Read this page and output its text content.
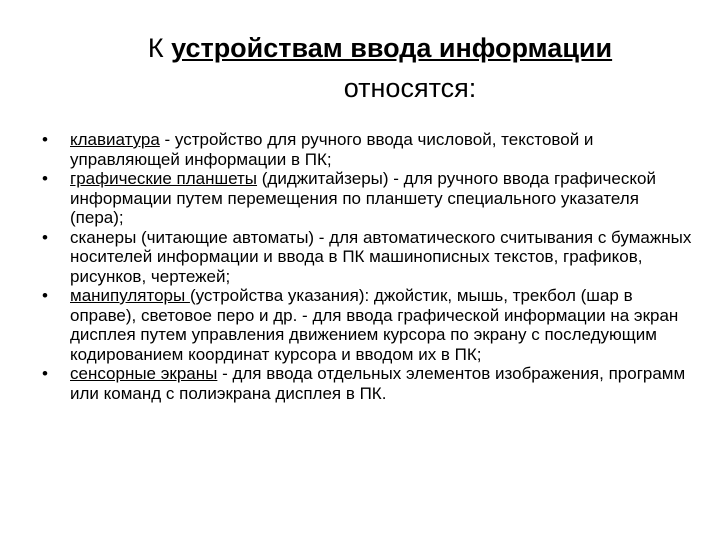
К устройствам ввода информации
относятся:
• клавиатура - устройство для ручного ввода числовой, текстовой и управляющей информации в ПК;
• графические планшеты (диджитайзеры) - для ручного ввода графической информации путем перемещения по планшету специального указателя (пера);
• сканеры (читающие автоматы) - для автоматического считывания с бумажных носителей информации и ввода в ПК машинописных текстов, графиков, рисунков, чертежей;
• манипуляторы (устройства указания): джойстик, мышь, трекбол (шар в оправе), световое перо и др. - для ввода графической информации на экран дисплея путем управления движением курсора по экрану с последующим кодированием координат курсора и вводом их в ПК;
• сенсорные экраны - для ввода отдельных элементов изображения, программ или команд с полиэкрана дисплея в ПК.
